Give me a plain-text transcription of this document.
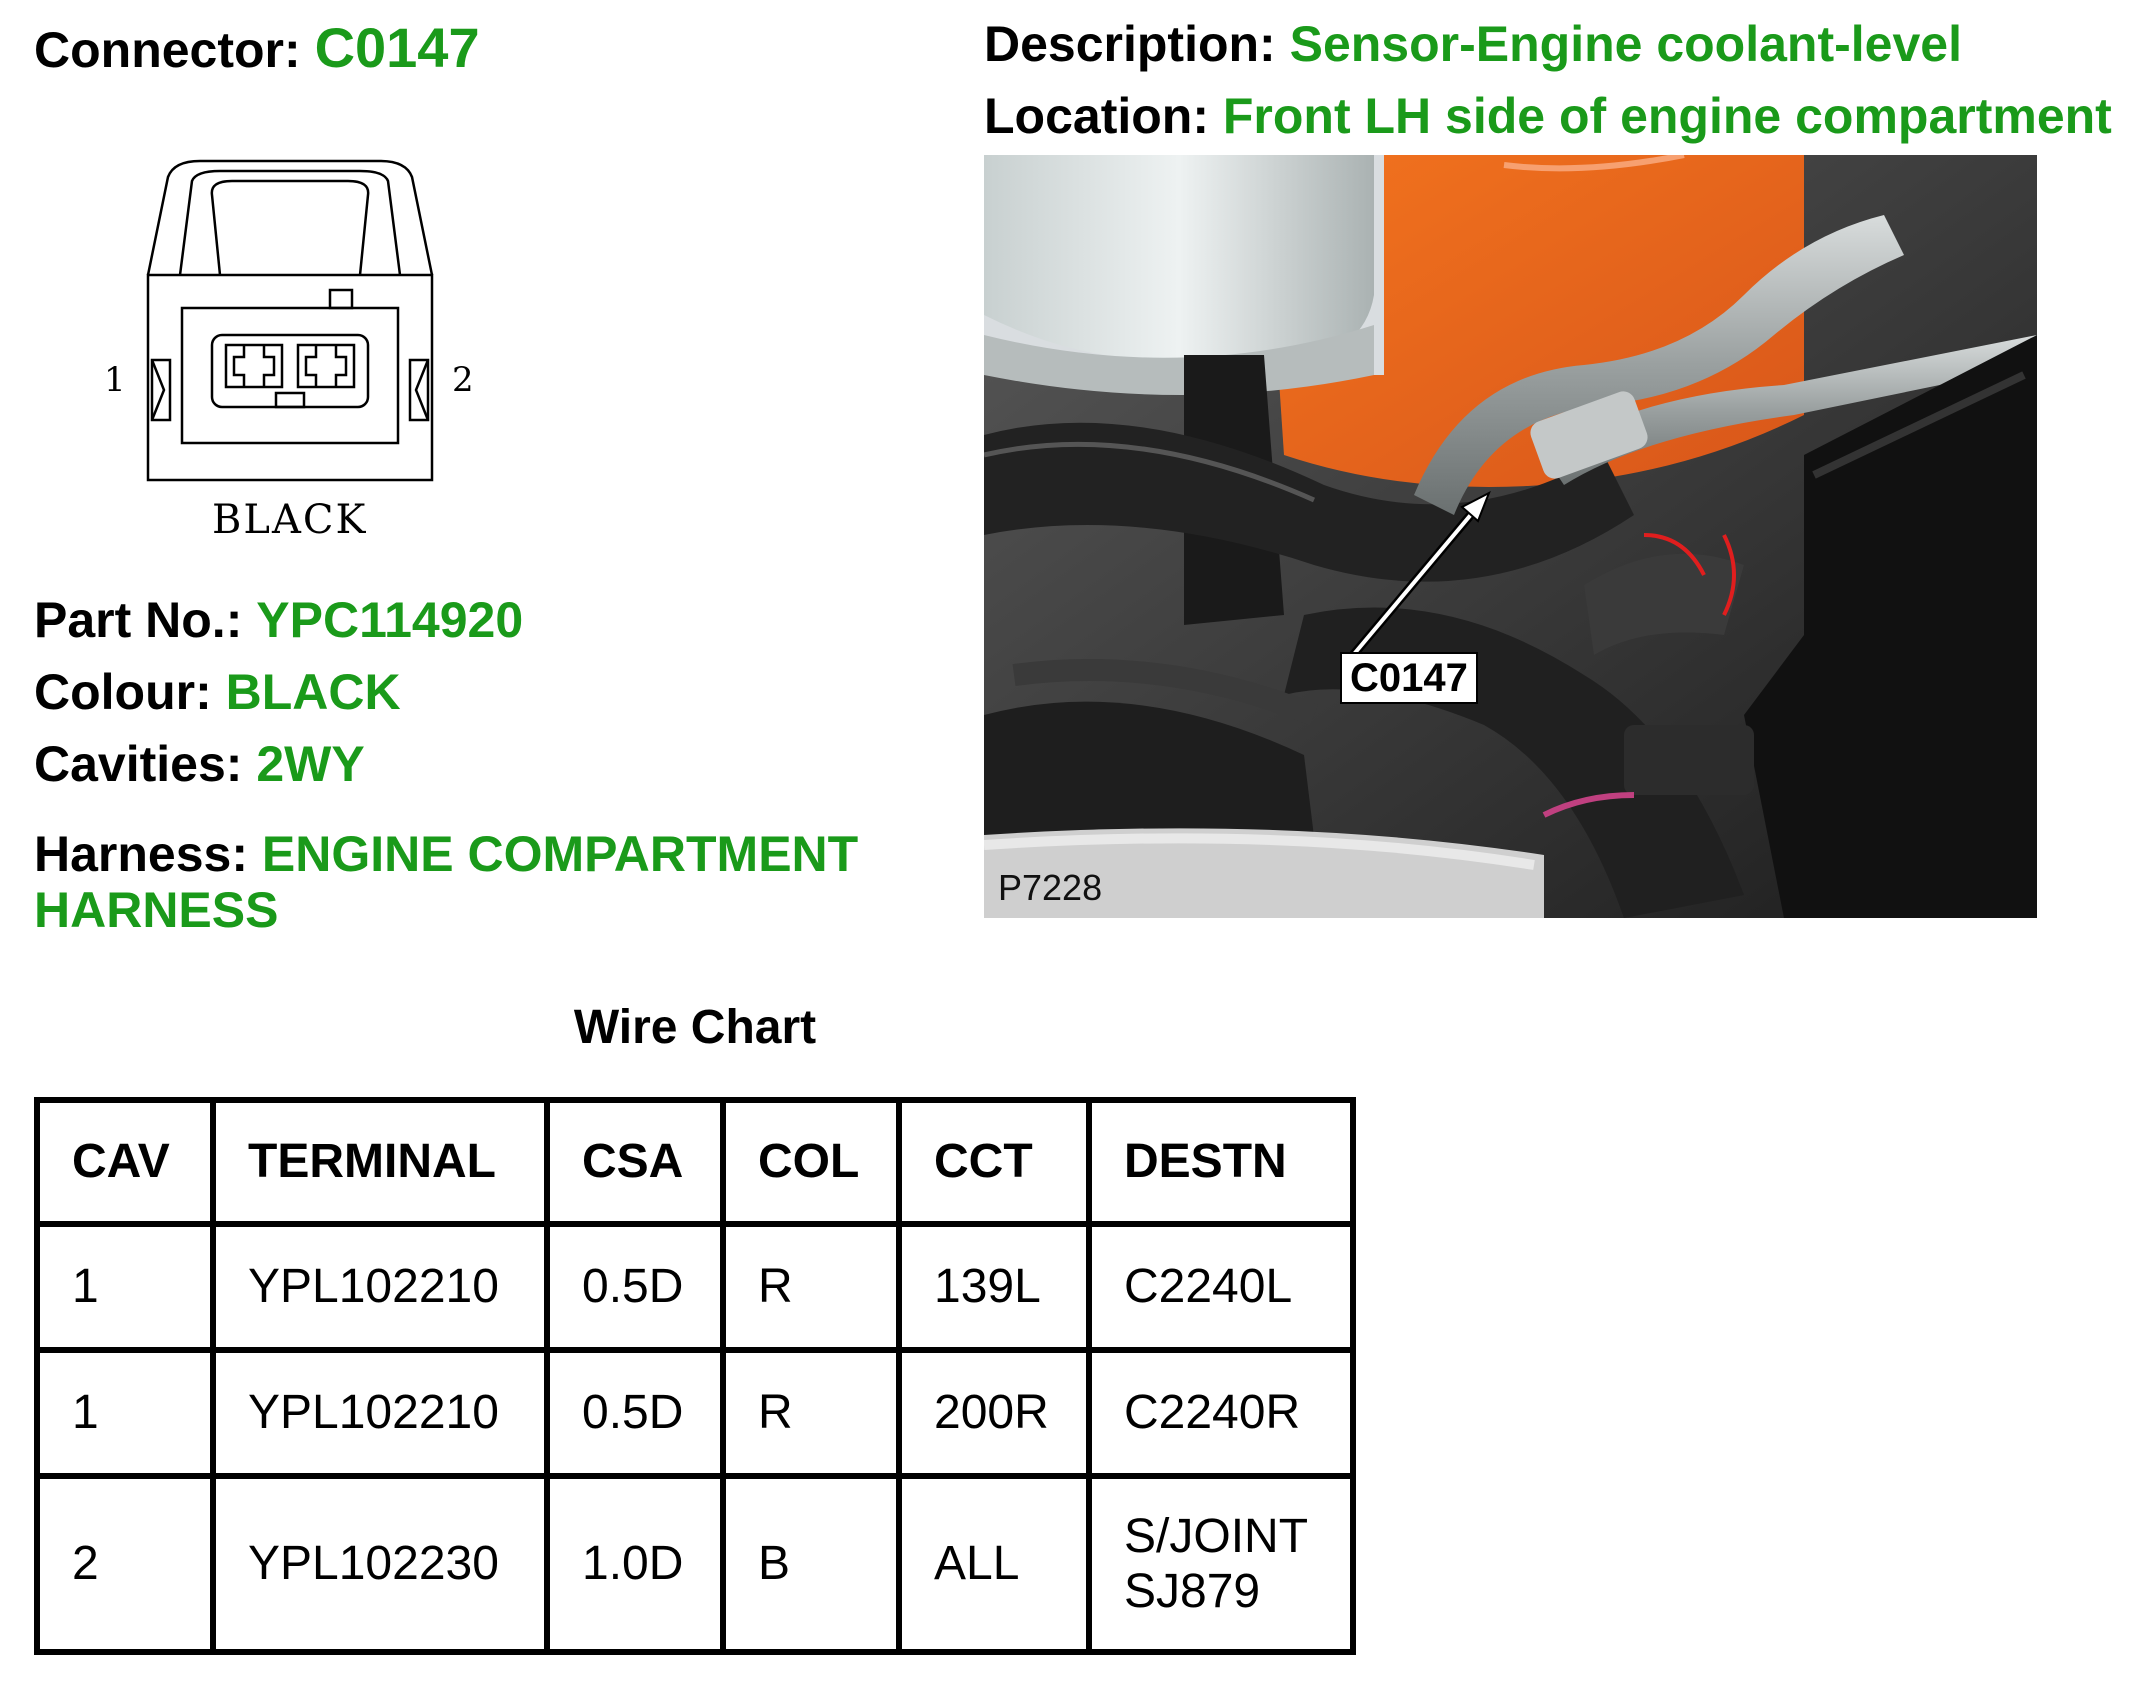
Connector: C0147	Description: Sensor-Engine coolant-level
Location: Front LH side of engine compartment
1	2
BLACK
Part No.: YPC114920
Colour: BLACK
Cavities: 2WY
Harness: ENGINE COMPARTMENT
HARNESS
C0147
P7228
Wire Chart
CAV	TERMINAL	CSA	COL	CCT	DESTN
1	YPL102210	0.5D	R	139L	C2240L
1	YPL102210	0.5D	R	200R	C2240R
2	YPL102230	1.0D	B	ALL	S/JOINT
SJ879
